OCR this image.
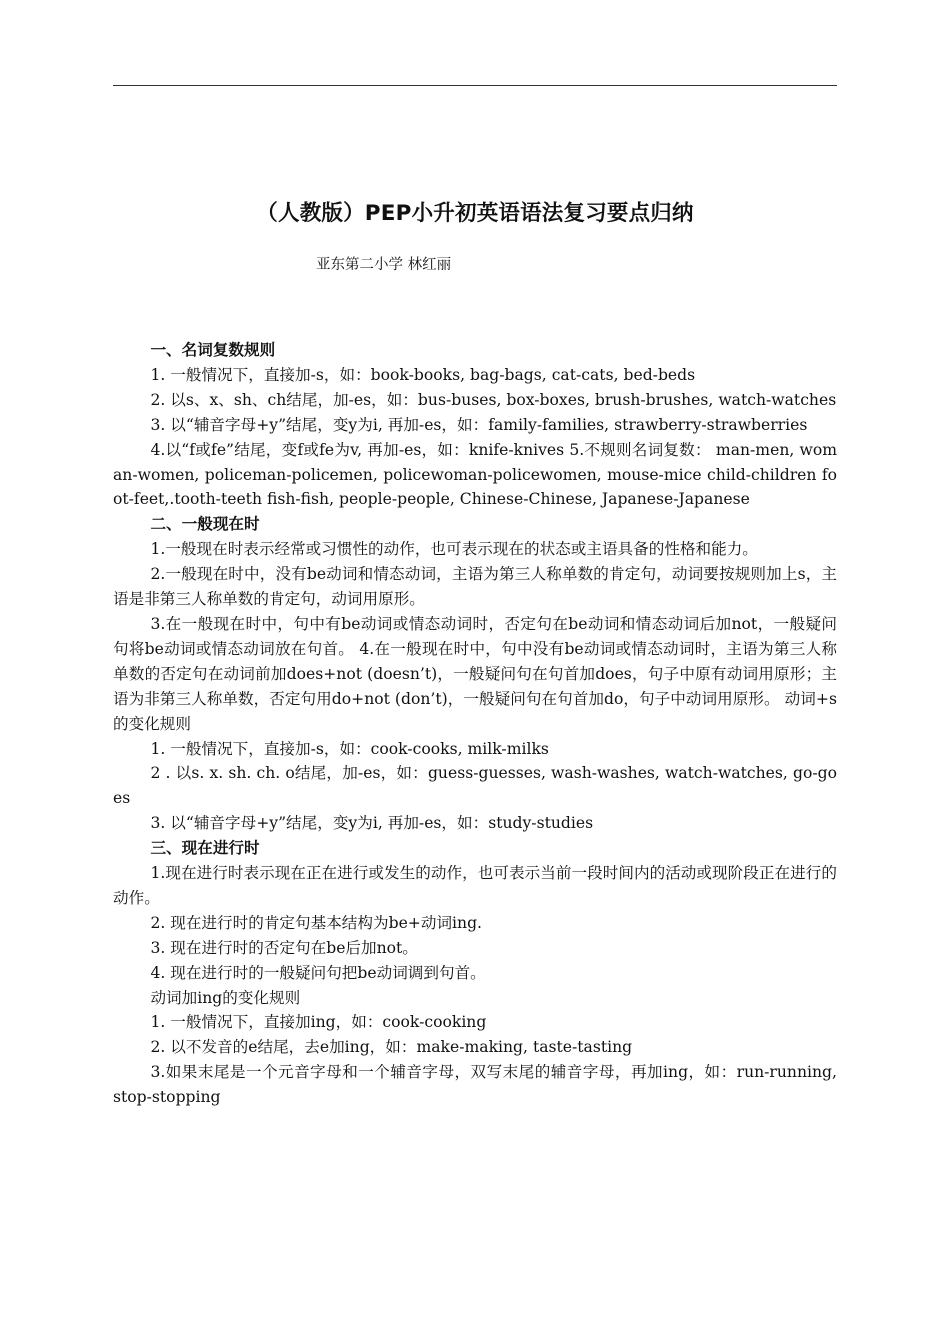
（人教版）PEP小升初英语语法复习要点归纳

亚东第二小学 林红丽

一、名词复数规则

1. 一般情况下，直接加-s，如：book-books, bag-bags, cat-cats, bed-beds

2. 以s、x、sh、ch结尾，加-es，如：bus-buses, box-boxes, brush-brushes, watch-watches

3. 以“辅音字母+y”结尾，变y为i, 再加-es，如：family-families, strawberry-strawberries

4.以“f或fe”结尾，变f或fe为v, 再加-es，如：knife-knives 5.不规则名词复数： man-men, woman-women, policeman-policemen, policewoman-policewomen, mouse-mice child-children foot-feet,.tooth-teeth fish-fish, people-people, Chinese-Chinese, Japanese-Japanese

二、一般现在时

1.一般现在时表示经常或习惯性的动作，也可表示现在的状态或主语具备的性格和能力。

2.一般现在时中，没有be动词和情态动词，主语为第三人称单数的肯定句，动词要按规则加上s，主语是非第三人称单数的肯定句，动词用原形。

3.在一般现在时中，句中有be动词或情态动词时，否定句在be动词和情态动词后加not，一般疑问句将be动词或情态动词放在句首。 4.在一般现在时中，句中没有be动词或情态动词时，主语为第三人称单数的否定句在动词前加does+not (doesn’t)，一般疑问句在句首加does，句子中原有动词用原形；主语为非第三人称单数，否定句用do+not (don’t)，一般疑问句在句首加do，句子中动词用原形。 动词+s的变化规则

1. 一般情况下，直接加-s，如：cook-cooks, milk-milks

2 . 以s. x. sh. ch. o结尾，加-es，如：guess-guesses, wash-washes, watch-watches, go-goes

3. 以“辅音字母+y”结尾，变y为i, 再加-es，如：study-studies

三、现在进行时

1.现在进行时表示现在正在进行或发生的动作，也可表示当前一段时间内的活动或现阶段正在进行的动作。

2. 现在进行时的肯定句基本结构为be+动词ing.

3. 现在进行时的否定句在be后加not。

4. 现在进行时的一般疑问句把be动词调到句首。

动词加ing的变化规则

1. 一般情况下，直接加ing，如：cook-cooking

2. 以不发音的e结尾，去e加ing，如：make-making, taste-tasting

3.如果末尾是一个元音字母和一个辅音字母，双写末尾的辅音字母，再加ing，如：run-running, stop-stopping
